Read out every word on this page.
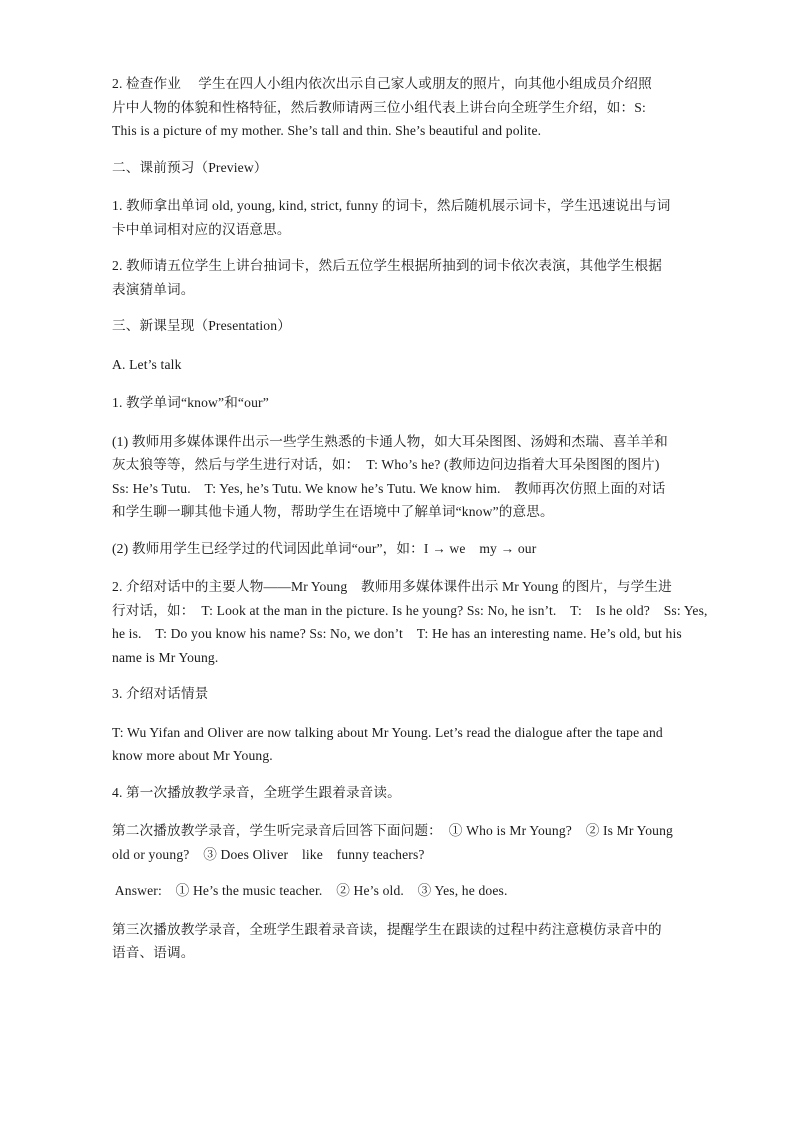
2. 检查作业　 学生在四人小组内依次出示自己家人或朋友的照片，向其他小组成员介绍照
片中人物的体貌和性格特征，然后教师请两三位小组代表上讲台向全班学生介绍，如：S:
This is a picture of my mother. She’s tall and thin. She’s beautiful and polite.

二、课前预习（Preview）

1. 教师拿出单词 old, young, kind, strict, funny 的词卡，然后随机展示词卡，学生迅速说出与词
卡中单词相对应的汉语意思。

2. 教师请五位学生上讲台抽词卡，然后五位学生根据所抽到的词卡依次表演，其他学生根据
表演猜单词。

三、新课呈现（Presentation）

A. Let’s talk

1. 教学单词“know”和“our”

(1) 教师用多媒体课件出示一些学生熟悉的卡通人物，如大耳朵图图、汤姆和杰瑞、喜羊羊和
灰太狼等等，然后与学生进行对话，如：　T: Who’s he? (教师边问边指着大耳朵图图的图片)
Ss: He’s Tutu.　T: Yes, he’s Tutu. We know he’s Tutu. We know him.　教师再次仿照上面的对话
和学生聊一聊其他卡通人物，帮助学生在语境中了解单词“know”的意思。

(2) 教师用学生已经学过的代词因此单词“our”，如：I → we　my → our

2. 介绍对话中的主要人物——Mr Young　教师用多媒体课件出示 Mr Young 的图片，与学生进
行对话，如：　T: Look at the man in the picture. Is he young? Ss: No, he isn’t.　T:　Is he old?　Ss: Yes,
he is.　T: Do you know his name? Ss: No, we don’t　T: He has an interesting name. He’s old, but his
name is Mr Young.

3. 介绍对话情景

T: Wu Yifan and Oliver are now talking about Mr Young. Let’s read the dialogue after the tape and
know more about Mr Young.

4. 第一次播放教学录音，全班学生跟着录音读。

第二次播放教学录音，学生听完录音后回答下面问题：　① Who is Mr Young?　② Is Mr Young
old or young?　③ Does Oliver　like　funny teachers?

Answer:　① He’s the music teacher.　② He’s old.　③ Yes, he does.

第三次播放教学录音，全班学生跟着录音读，提醒学生在跟读的过程中药注意模仿录音中的
语音、语调。
